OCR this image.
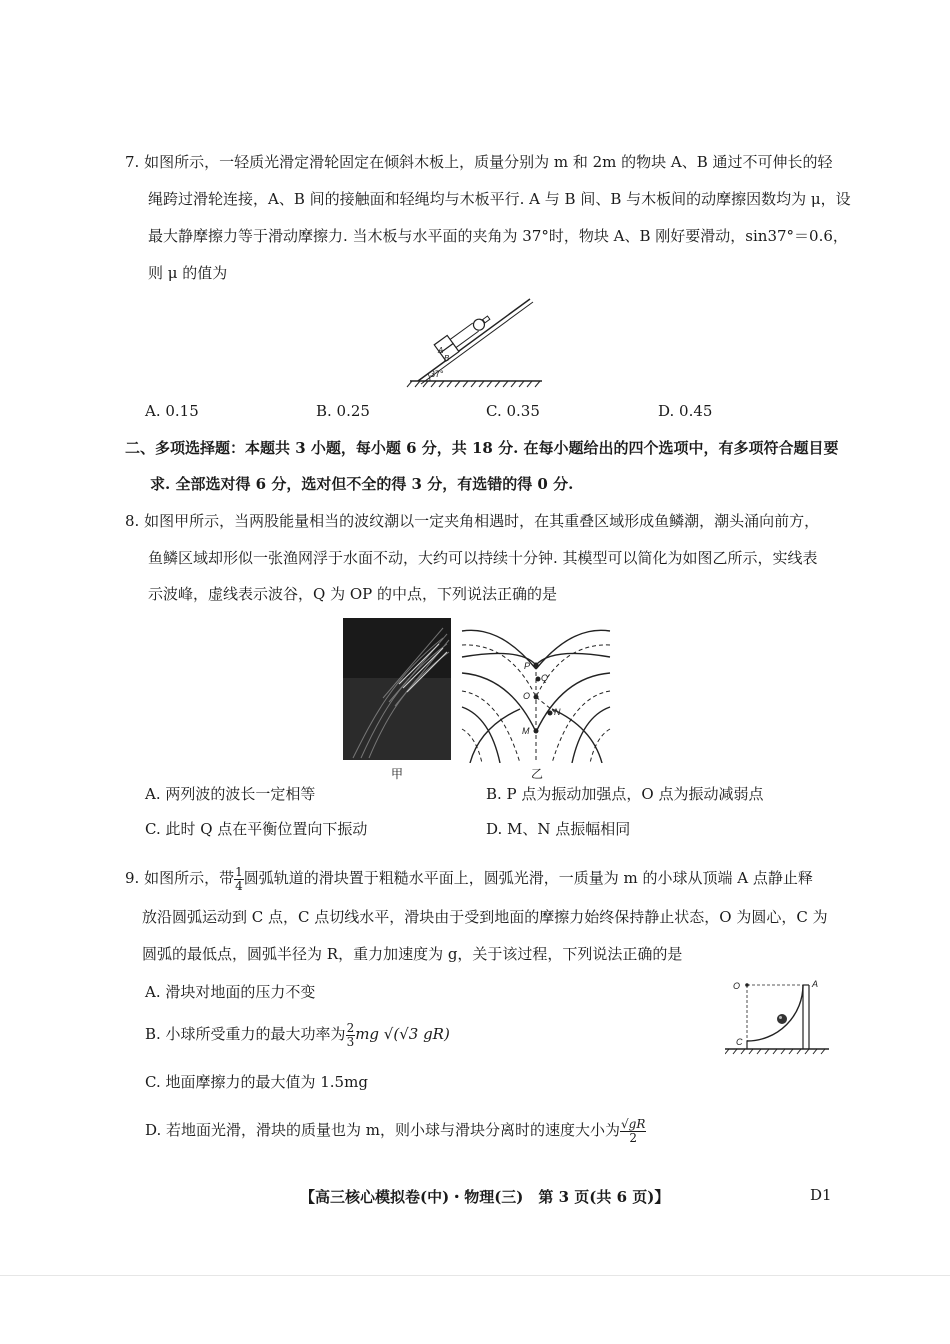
7. 如图所示，一轻质光滑定滑轮固定在倾斜木板上，质量分别为 m 和 2m 的物块 A、B 通过不可伸长的轻
绳跨过滑轮连接，A、B 间的接触面和轻绳均与木板平行. A 与 B 间、B 与木板间的动摩擦因数均为 μ，设
最大静摩擦力等于滑动摩擦力. 当木板与水平面的夹角为 37°时，物块 A、B 刚好要滑动，sin37°＝0.6，
则 μ 的值为
A
B
37°
A. 0.15	B. 0.25	C. 0.35	D. 0.45
二、多项选择题：本题共 3 小题，每小题 6 分，共 18 分. 在每小题给出的四个选项中，有多项符合题目要
求. 全部选对得 6 分，选对但不全的得 3 分，有选错的得 0 分.
8. 如图甲所示，当两股能量相当的波纹潮以一定夹角相遇时，在其重叠区域形成鱼鳞潮，潮头涌向前方，
鱼鳞区域却形似一张渔网浮于水面不动，大约可以持续十分钟. 其模型可以简化为如图乙所示，实线表
示波峰，虚线表示波谷，Q 为 OP 的中点，下列说法正确的是
P
Q
O
N
M
甲	乙
A. 两列波的波长一定相等	B. P 点为振动加强点，O 点为振动减弱点
C. 此时 Q 点在平衡位置向下振动	D. M、N 点振幅相同
9. 如图所示，带 $\frac{1}{4}$ 圆弧轨道的滑块置于粗糙水平面上，圆弧光滑，一质量为 m 的小球从顶端 A 点静止释
放沿圆弧运动到 C 点，C 点切线水平，滑块由于受到地面的摩擦力始终保持静止状态，O 为圆心，C 为
圆弧的最低点，圆弧半径为 R，重力加速度为 g，关于该过程，下列说法正确的是
A. 滑块对地面的压力不变
B. 小球所受重力的最大功率为 $\frac{2}{3}$ mg √(√3 gR)
C. 地面摩擦力的最大值为 1.5mg
D. 若地面光滑，滑块的质量也为 m，则小球与滑块分离时的速度大小为 $\frac{√gR}{2}$
O	A
C
【高三核心模拟卷(中)・物理(三)　第 3 页(共 6 页)】	D1
